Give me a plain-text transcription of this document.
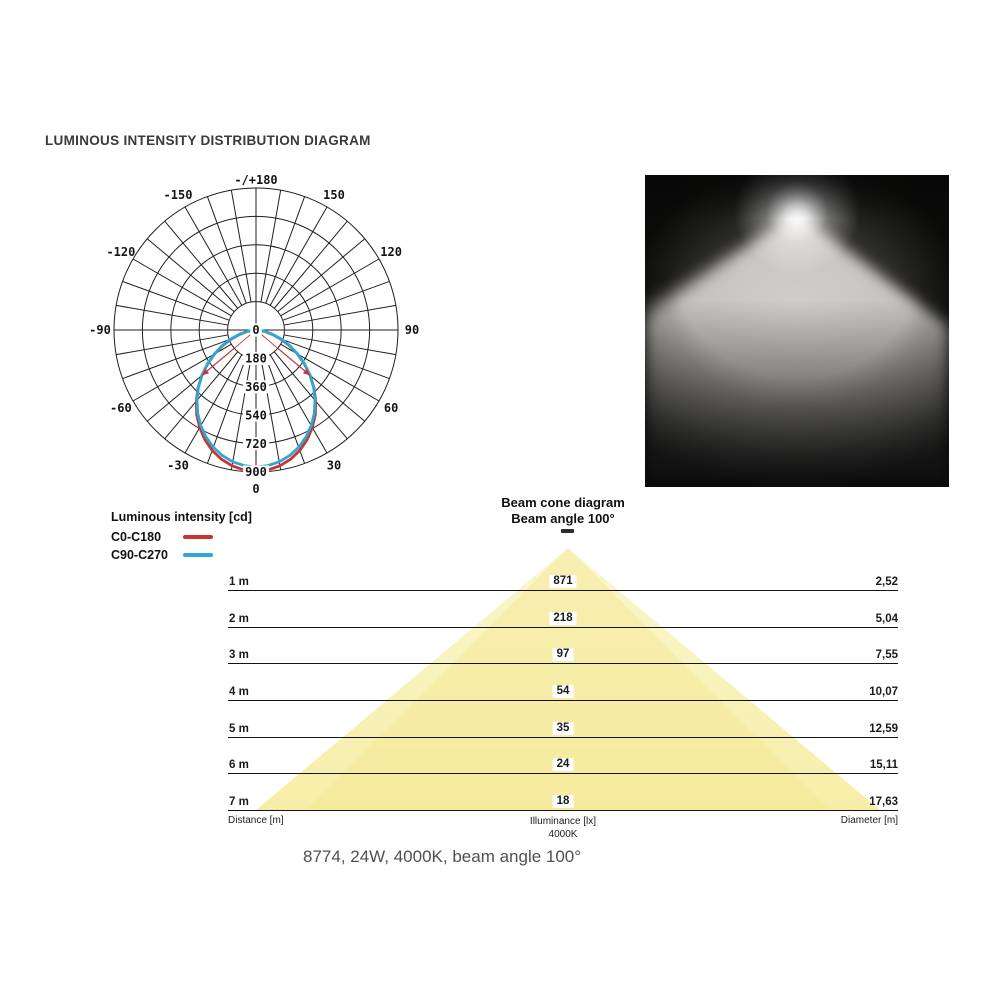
LUMINOUS INTENSITY DISTRIBUTION DIAGRAM
0
180
360
540
720
900
-/+180
-150	150
-120	120
-90	90
-60	60
-30	30
0
Luminous intensity [cd]
C0-C180
C90-C270
Beam cone diagram
Beam angle 100°
1 m	871	2,52
2 m	218	5,04
3 m	97	7,55
4 m	54	10,07
5 m	35	12,59
6 m	24	15,11
7 m	18	17,63
Distance [m]	Illuminance [lx]
4000K
Diameter [m]
8774, 24W, 4000K, beam angle 100°
